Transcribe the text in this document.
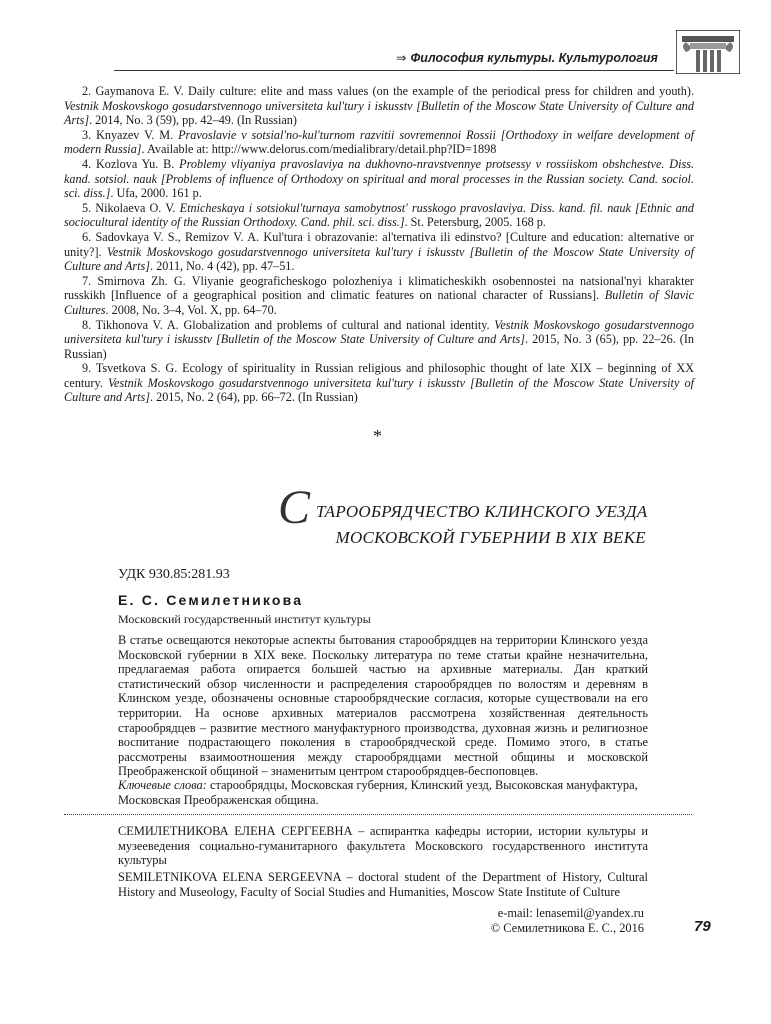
⇒ Философия культуры. Культурология

2. Gaymanova E. V. Daily culture: elite and mass values (on the example of the periodical press for children and youth). Vestnik Moskovskogo gosudarstvennogo universiteta kul'tury i iskusstv [Bulletin of the Moscow State University of Culture and Arts]. 2014, No. 3 (59), pp. 42–49. (In Russian)

3. Knyazev V. M. Pravoslavie v sotsial'no-kul'turnom razvitii sovremennoi Rossii [Orthodoxy in welfare development of modern Russia]. Available at: http://www.delorus.com/medialibrary/detail.php?ID=1898

4. Kozlova Yu. B. Problemy vliyaniya pravoslaviya na dukhovno-nravstvennye protsessy v rossiiskom obshchestve. Diss. kand. sotsiol. nauk [Problems of influence of Orthodoxy on spiritual and moral processes in the Russian society. Cand. sociol. sci. diss.]. Ufa, 2000. 161 p.

5. Nikolaeva O. V. Etnicheskaya i sotsiokul'turnaya samobytnost' russkogo pravoslaviya. Diss. kand. fil. nauk [Ethnic and sociocultural identity of the Russian Orthodoxy. Cand. phil. sci. diss.]. St. Petersburg, 2005. 168 p.

6. Sadovkaya V. S., Remizov V. A. Kul'tura i obrazovanie: al'ternativa ili edinstvo? [Culture and education: alternative or unity?]. Vestnik Moskovskogo gosudarstvennogo universiteta kul'tury i iskusstv [Bulletin of the Moscow State University of Culture and Arts]. 2011, No. 4 (42), pp. 47–51.

7. Smirnova Zh. G. Vliyanie geograficheskogo polozheniya i klimaticheskikh osobennostei na natsional'nyi kharakter russkikh [Influence of a geographical position and climatic features on national character of Russians]. Bulletin of Slavic Cultures. 2008, No. 3–4, Vol. X, pp. 64–70.

8. Tikhonova V. A. Globalization and problems of cultural and national identity. Vestnik Moskovskogo gosudarstvennogo universiteta kul'tury i iskusstv [Bulletin of the Moscow State University of Culture and Arts]. 2015, No. 3 (65), pp. 22–26. (In Russian)

9. Tsvetkova S. G. Ecology of spirituality in Russian religious and philosophic thought of late XIX – beginning of XX century. Vestnik Moskovskogo gosudarstvennogo universiteta kul'tury i iskusstv [Bulletin of the Moscow State University of Culture and Arts]. 2015, No. 2 (64), pp. 66–72. (In Russian)

*
С ТАРООБРЯДЧЕСТВО КЛИНСКОГО УЕЗДА
МОСКОВСКОЙ ГУБЕРНИИ В XIX ВЕКЕ
УДК 930.85:281.93
Е. С. Семилетникова
Московский государственный институт культуры
В статье освещаются некоторые аспекты бытования старообрядцев на территории Клинского уезда Московской губернии в XIX веке. Поскольку литература по теме статьи крайне незначительна, предлагаемая работа опирается большей частью на архивные материалы. Дан краткий статистический обзор численности и распределения старообрядцев по волостям и деревням в Клинском уезде, обозначены основные старообрядческие согласия, которые существовали на его территории. На основе архивных материалов рассмотрена хозяйственная деятельность старообрядцев – развитие местного мануфактурного производства, духовная жизнь и религиозное воспитание подрастающего поколения в старообрядческой среде. Помимо этого, в статье рассмотрены взаимоотношения между старообрядцами местной общины и московской Преображенской общиной – знаменитым центром старообрядцев-беспоповцев.
Ключевые слова: старообрядцы, Московская губерния, Клинский уезд, Высоковская мануфактура, Московская Преображенская община.
СЕМИЛЕТНИКОВА ЕЛЕНА СЕРГЕЕВНА – аспирантка кафедры истории, истории культуры и музееведения социально-гуманитарного факультета Московского государственного института культуры
SEMILETNIKOVA ELENA SERGEEVNA – doctoral student of the Department of History, Cultural History and Museology, Faculty of Social Studies and Humanities, Moscow State Institute of Culture
e-mail: lenasemil@yandex.ru
© Семилетникова Е. С., 2016	79
